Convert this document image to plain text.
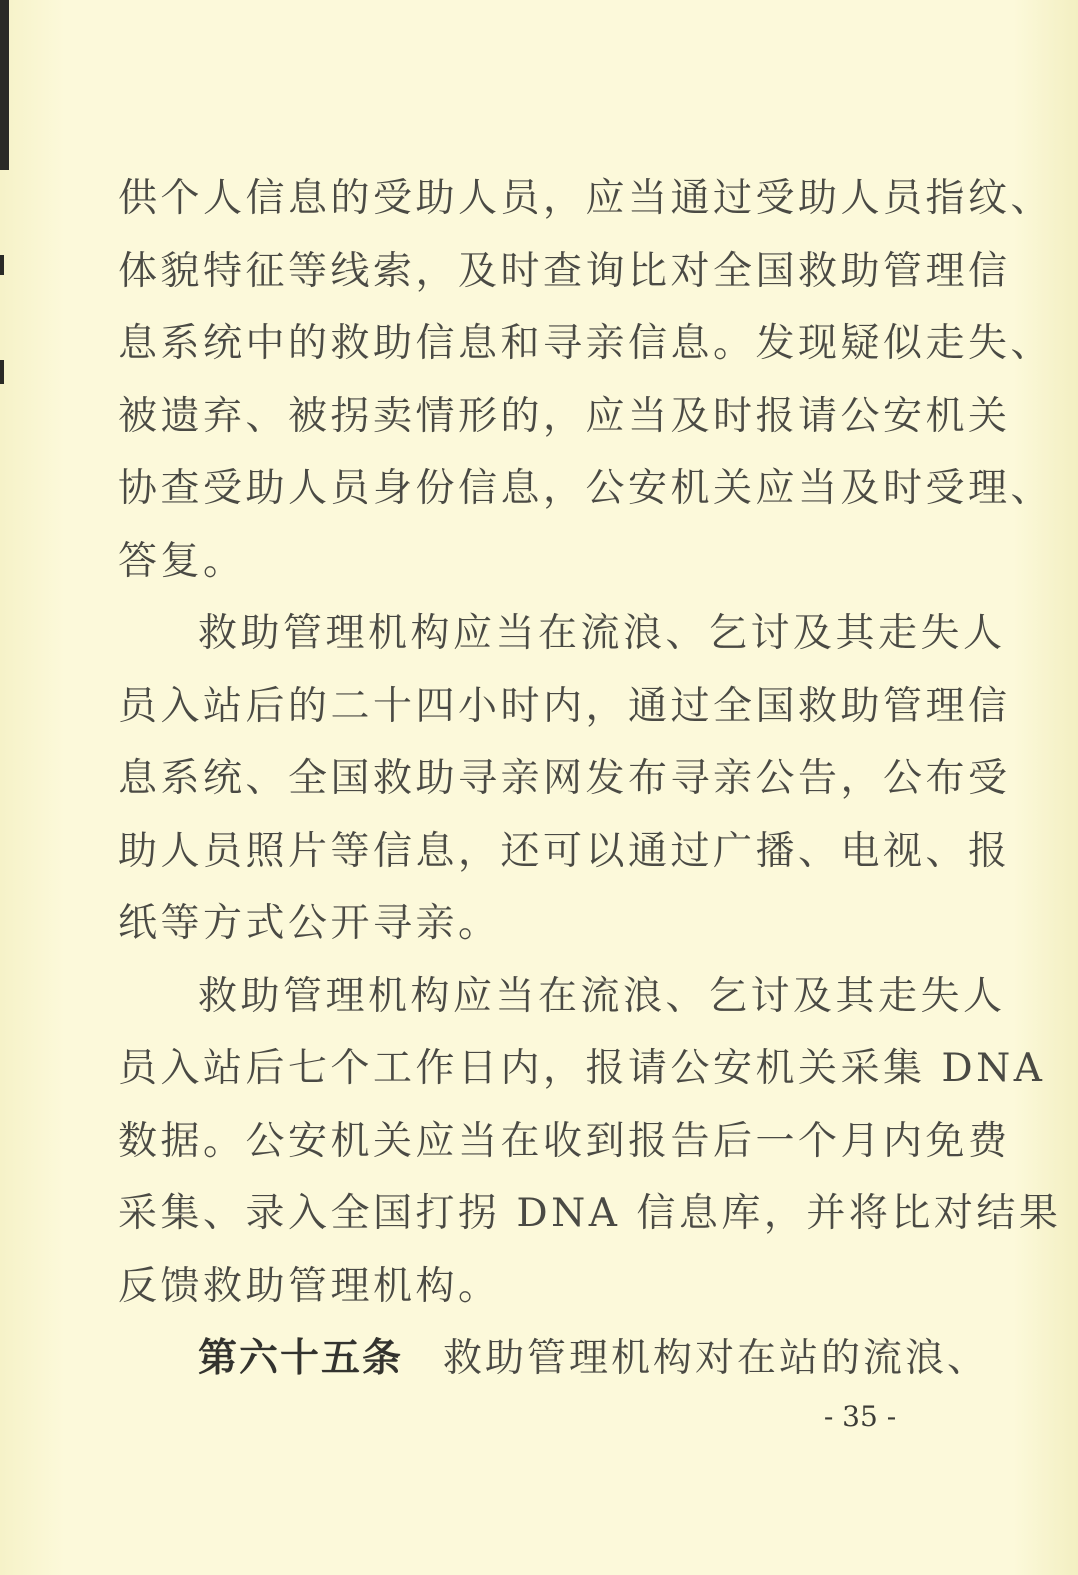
供个人信息的受助人员，应当通过受助人员指纹、
体貌特征等线索，及时查询比对全国救助管理信
息系统中的救助信息和寻亲信息。发现疑似走失、
被遗弃、被拐卖情形的，应当及时报请公安机关
协查受助人员身份信息，公安机关应当及时受理、
答复。
救助管理机构应当在流浪、乞讨及其走失人
员入站后的二十四小时内，通过全国救助管理信
息系统、全国救助寻亲网发布寻亲公告，公布受
助人员照片等信息，还可以通过广播、电视、报
纸等方式公开寻亲。
救助管理机构应当在流浪、乞讨及其走失人
员入站后七个工作日内，报请公安机关采集 DNA
数据。公安机关应当在收到报告后一个月内免费
采集、录入全国打拐 DNA 信息库，并将比对结果
反馈救助管理机构。
第六十五条 救助管理机构对在站的流浪、
- 35 -
